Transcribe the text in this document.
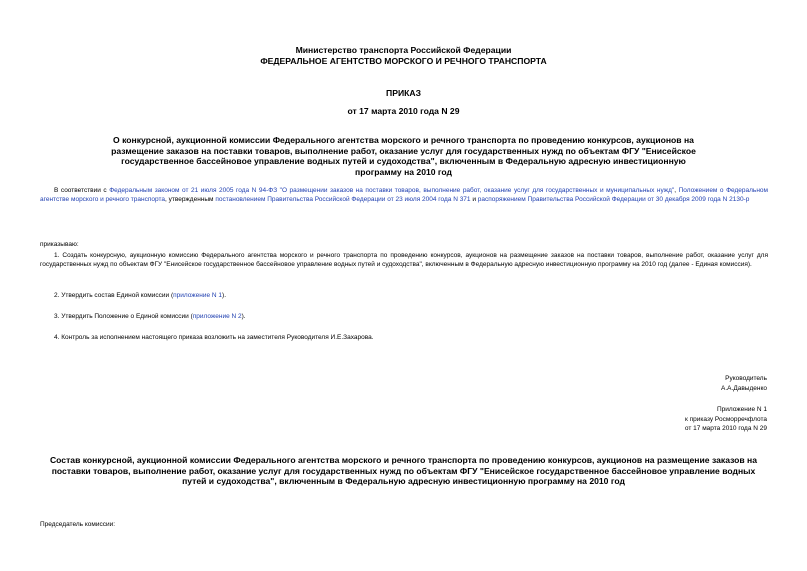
Министерство транспорта Российской Федерации
ФЕДЕРАЛЬНОЕ АГЕНТСТВО МОРСКОГО И РЕЧНОГО ТРАНСПОРТА
ПРИКАЗ
от 17 марта 2010 года N 29
О конкурсной, аукционной комиссии Федерального агентства морского и речного транспорта по проведению конкурсов, аукционов на размещение заказов на поставки товаров, выполнение работ, оказание услуг для государственных нужд по объектам ФГУ "Енисейское государственное бассейновое управление водных путей и судоходства", включенным в Федеральную адресную инвестиционную программу на 2010 год
В соответствии с Федеральным законом от 21 июля 2005 года N 94-ФЗ "О размещении заказов на поставки товаров, выполнение работ, оказание услуг для государственных и муниципальных нужд", Положением о Федеральном агентстве морского и речного транспорта, утвержденным постановлением Правительства Российской Федерации от 23 июля 2004 года N 371 и распоряжением Правительства Российской Федерации от 30 декабря 2009 года N 2130-р
приказываю:
1. Создать конкурсную, аукционную комиссию Федерального агентства морского и речного транспорта по проведению конкурсов, аукционов на размещение заказов на поставки товаров, выполнение работ, оказание услуг для государственных нужд по объектам ФГУ "Енисейское государственное бассейновое управление водных путей и судоходства", включенным в Федеральную адресную инвестиционную программу на 2010 год (далее - Единая комиссия).
2. Утвердить состав Единой комиссии (приложение N 1).
3. Утвердить Положение о Единой комиссии (приложение N 2).
4. Контроль за исполнением настоящего приказа возложить на заместителя Руководителя И.Е.Захарова.
Руководитель
А.А.Давыденко
Приложение N 1
к приказу Росморречфлота
от 17 марта 2010 года N 29
Состав конкурсной, аукционной комиссии Федерального агентства морского и речного транспорта по проведению конкурсов, аукционов на размещение заказов на поставки товаров, выполнение работ, оказание услуг для государственных нужд по объектам ФГУ "Енисейское государственное бассейновое управление водных путей и судоходства", включенным в Федеральную адресную инвестиционную программу на 2010 год
Председатель комиссии:
